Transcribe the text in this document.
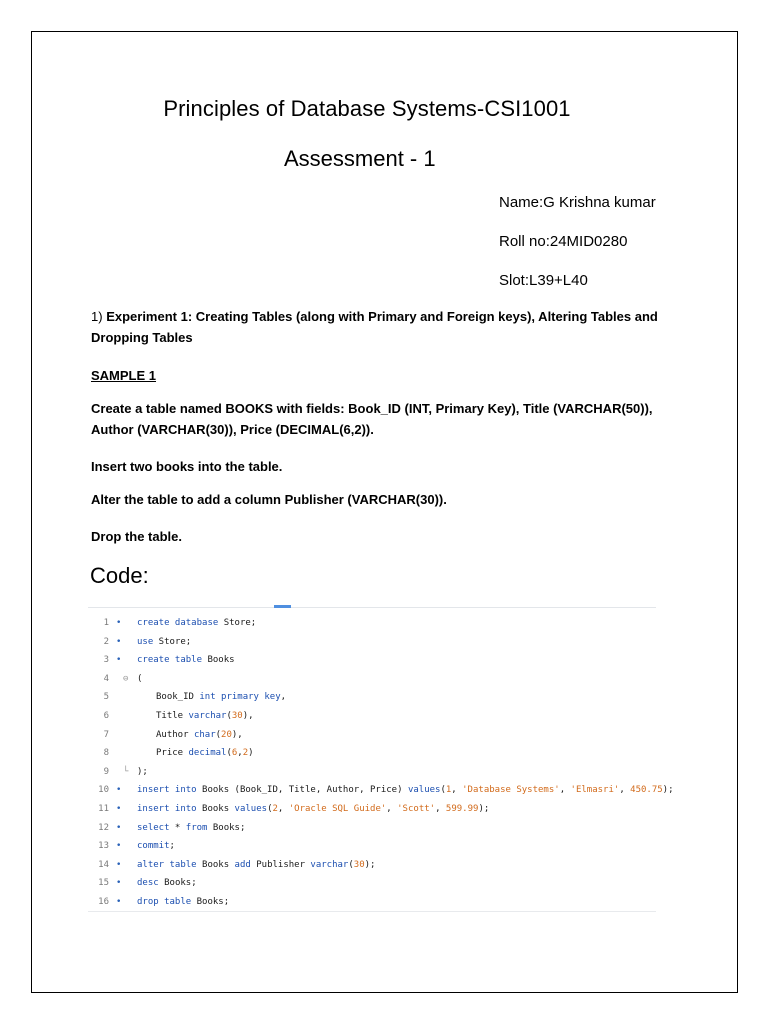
Principles of Database Systems-CSI1001
Assessment - 1
Name:G Krishna kumar
Roll no:24MID0280
Slot:L39+L40
1) Experiment 1: Creating Tables (along with Primary and Foreign keys), Altering Tables and Dropping Tables
SAMPLE 1
Create a table named BOOKS with fields: Book_ID (INT, Primary Key), Title (VARCHAR(50)), Author (VARCHAR(30)), Price (DECIMAL(6,2)).
Insert two books into the table.
Alter the table to add a column Publisher (VARCHAR(30)).
Drop the table.
Code:
1 • create database Store;
2 • use Store;
3 • create table Books
4 ⊖ (
5	Book_ID int primary key,
6	Title varchar(30),
7	Author char(20),
8	Price decimal(6,2)
9 └ );
10 • insert into Books (Book_ID, Title, Author, Price) values(1, 'Database Systems', 'Elmasri', 450.75);
11 • insert into Books values(2, 'Oracle SQL Guide', 'Scott', 599.99);
12 • select * from Books;
13 • commit;
14 • alter table Books add Publisher varchar(30);
15 • desc Books;
16 • drop table Books;
